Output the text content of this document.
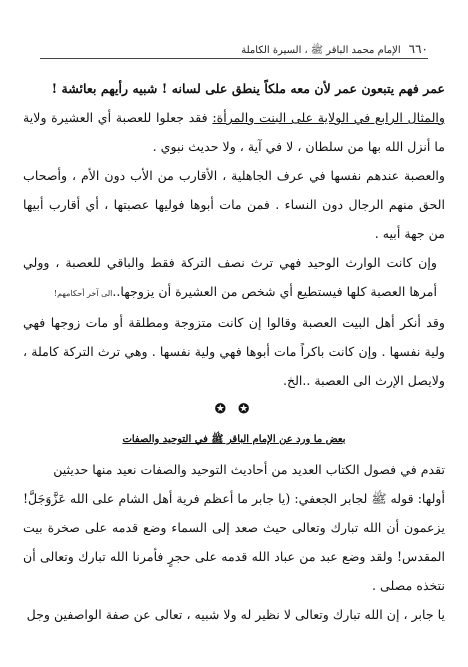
٦٦٠
الإمام محمد الباقر ﷺ ، السيرة الكاملة

عمر فهم يتبعون عمر لأن معه ملكاً ينطق على لسانه ! شبيه رأيهم بعائشة !

والمثال الرابع في الولاية على البنت والمرأة: فقد جعلوا للعصبة أي العشيرة ولاية ما أنزل الله بها من سلطان ، لا في آية ، ولا حديث نبوي .

والعصبة عندهم نفسها في عرف الجاهلية ، الأقارب من الأب دون الأم ، وأصحاب الحق منهم الرجال دون النساء . فمن مات أبوها فوليها عصبتها ، أي أقارب أبيها من جهة أبيه .

وإن كانت الوارث الوحيد فهي ترث نصف التركة فقط والباقي للعصبة ، وولي أمرها العصبة كلها فيستطيع أي شخص من العشيرة أن يزوجها..الى آخر أحكامهم!

وقد أنكر أهل البيت العصبة وقالوا إن كانت متزوجة ومطلقة أو مات زوجها فهي ولية نفسها . وإن كانت باكراً مات أبوها فهي ولية نفسها . وهي ترث التركة كاملة ، ولايصل الإرث الى العصبة ..الخ.

✪ ✪
بعض ما ورد عن الإمام الباقر ﷺ في التوحيد والصفات

تقدم في فصول الكتاب العديد من أحاديث التوحيد والصفات نعيد منها حديثين

أولها: قوله ﷺ لجابر الجعفي: (يا جابر ما أعظم فرية أهل الشام على الله عَزَّوَجَلَّ! يزعمون أن الله تبارك وتعالى حيث صعد إلى السماء وضع قدمه على صخرة بيت المقدس! ولقد وضع عبد من عباد الله قدمه على حجرٍ فأمرنا الله تبارك وتعالى أن نتخذه مصلى .

يا جابر ، إن الله تبارك وتعالى لا نظير له ولا شبيه ، تعالى عن صفة الواصفين وجل
